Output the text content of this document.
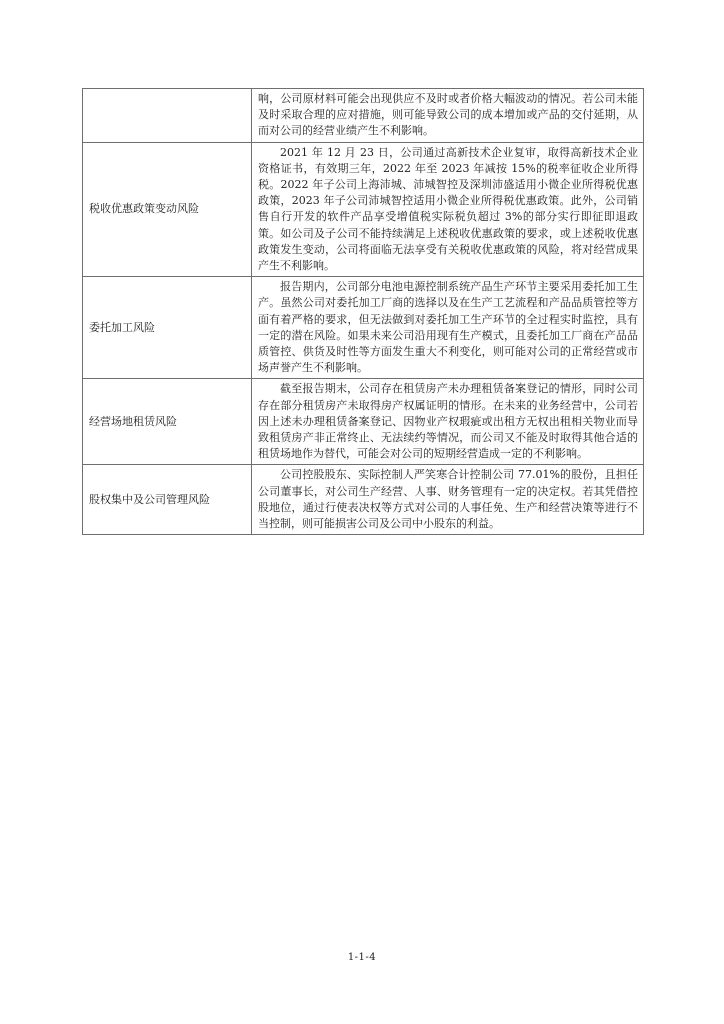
	响，公司原材料可能会出现供应不及时或者价格大幅波动的情况。若公司未能及时采取合理的应对措施，则可能导致公司的成本增加或产品的交付延期，从而对公司的经营业绩产生不利影响。
税收优惠政策变动风险	2021 年 12 月 23 日，公司通过高新技术企业复审，取得高新技术企业资格证书，有效期三年，2022 年至 2023 年减按 15%的税率征收企业所得税。2022 年子公司上海沛城、沛城智控及深圳沛盛适用小微企业所得税优惠政策，2023 年子公司沛城智控适用小微企业所得税优惠政策。此外，公司销售自行开发的软件产品享受增值税实际税负超过 3%的部分实行即征即退政策。如公司及子公司不能持续满足上述税收优惠政策的要求，或上述税收优惠政策发生变动，公司将面临无法享受有关税收优惠政策的风险，将对经营成果产生不利影响。
委托加工风险	报告期内，公司部分电池电源控制系统产品生产环节主要采用委托加工生产。虽然公司对委托加工厂商的选择以及在生产工艺流程和产品品质管控等方面有着严格的要求，但无法做到对委托加工生产环节的全过程实时监控，具有一定的潜在风险。如果未来公司沿用现有生产模式，且委托加工厂商在产品品质管控、供货及时性等方面发生重大不利变化，则可能对公司的正常经营或市场声誉产生不利影响。
经营场地租赁风险	截至报告期末，公司存在租赁房产未办理租赁备案登记的情形，同时公司存在部分租赁房产未取得房产权属证明的情形。在未来的业务经营中，公司若因上述未办理租赁备案登记、因物业产权瑕疵或出租方无权出租相关物业而导致租赁房产非正常终止、无法续约等情况，而公司又不能及时取得其他合适的租赁场地作为替代，可能会对公司的短期经营造成一定的不利影响。
股权集中及公司管理风险	公司控股股东、实际控制人严笑寒合计控制公司 77.01%的股份，且担任公司董事长，对公司生产经营、人事、财务管理有一定的决定权。若其凭借控股地位，通过行使表决权等方式对公司的人事任免、生产和经营决策等进行不当控制，则可能损害公司及公司中小股东的利益。
1-1-4
